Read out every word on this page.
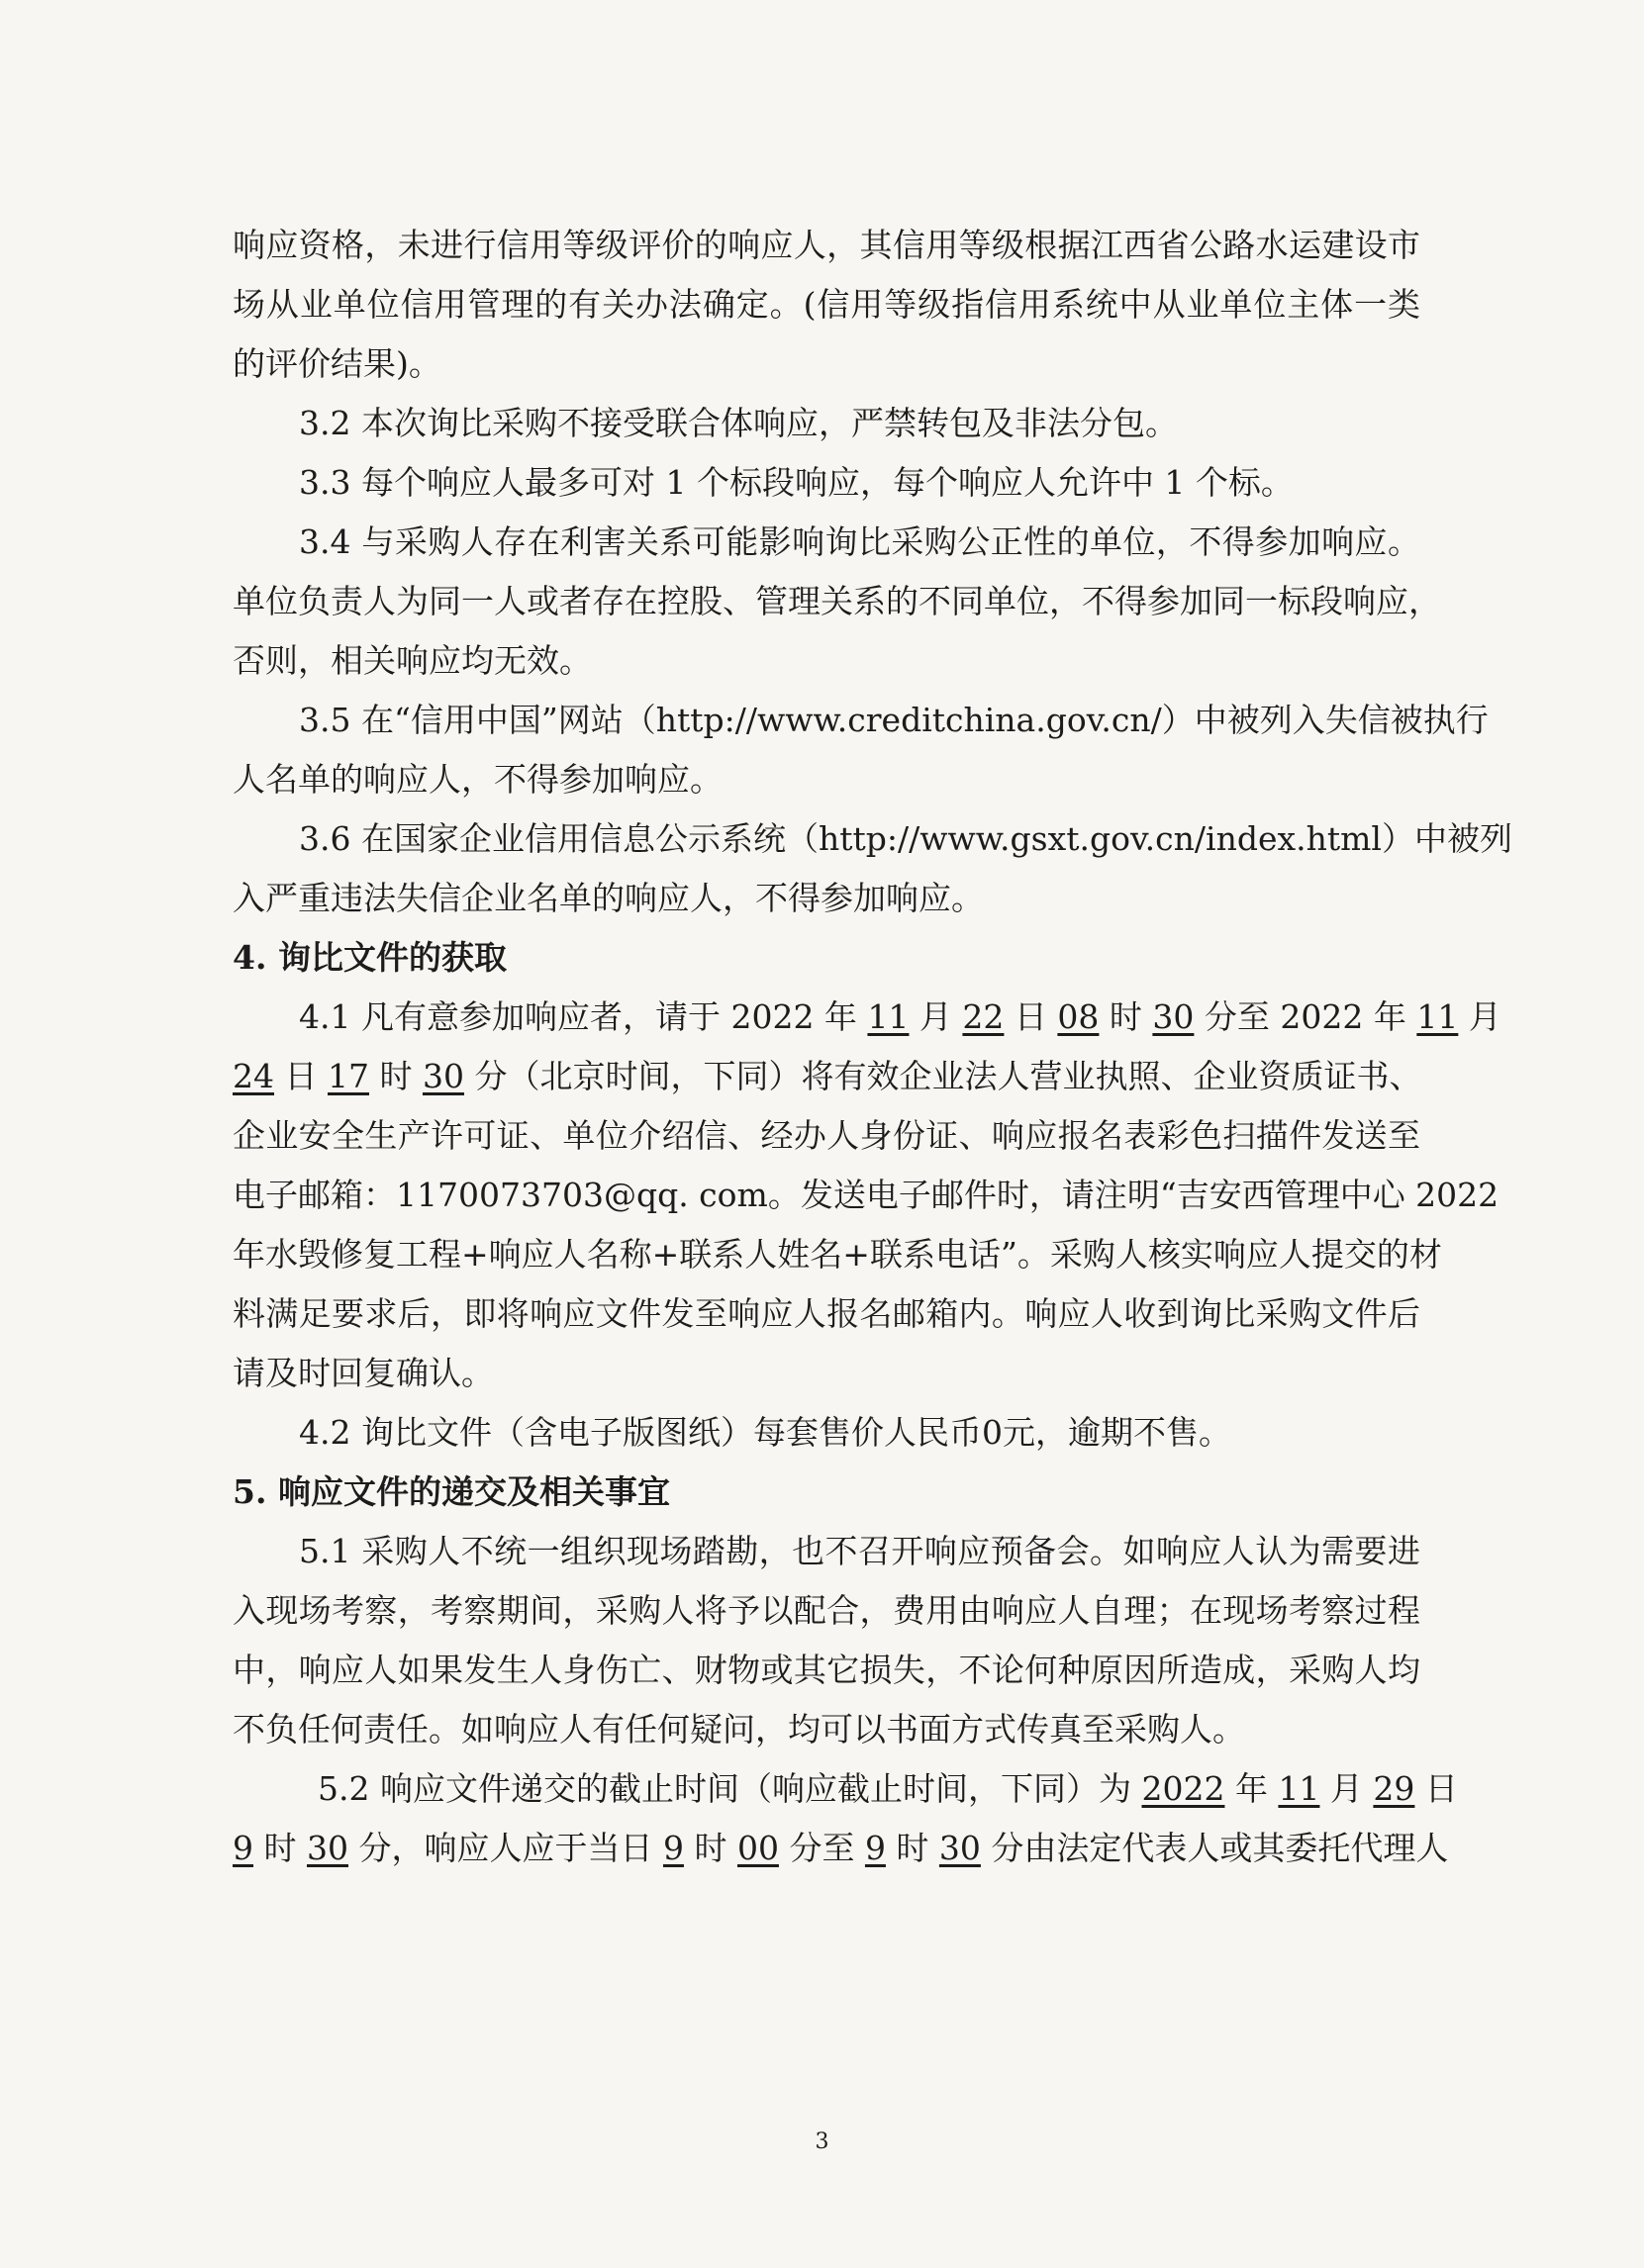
响应资格，未进行信用等级评价的响应人，其信用等级根据江西省公路水运建设市
场从业单位信用管理的有关办法确定。(信用等级指信用系统中从业单位主体一类
的评价结果)。
3.2 本次询比采购不接受联合体响应，严禁转包及非法分包。
3.3 每个响应人最多可对 1 个标段响应，每个响应人允许中 1 个标。
3.4 与采购人存在利害关系可能影响询比采购公正性的单位，不得参加响应。
单位负责人为同一人或者存在控股、管理关系的不同单位，不得参加同一标段响应，
否则，相关响应均无效。
3.5 在“信用中国”网站（http://www.creditchina.gov.cn/）中被列入失信被执行
人名单的响应人，不得参加响应。
3.6 在国家企业信用信息公示系统（http://www.gsxt.gov.cn/index.html）中被列
入严重违法失信企业名单的响应人，不得参加响应。
4. 询比文件的获取
4.1 凡有意参加响应者，请于 2022 年 11 月 22 日 08 时 30 分至 2022 年 11 月
24 日 17 时 30 分（北京时间，下同）将有效企业法人营业执照、企业资质证书、
企业安全生产许可证、单位介绍信、经办人身份证、响应报名表彩色扫描件发送至
电子邮箱：1170073703@qq. com。发送电子邮件时，请注明“吉安西管理中心 2022
年水毁修复工程+响应人名称+联系人姓名+联系电话”。采购人核实响应人提交的材
料满足要求后，即将响应文件发至响应人报名邮箱内。响应人收到询比采购文件后
请及时回复确认。
4.2 询比文件（含电子版图纸）每套售价人民币0元，逾期不售。
5. 响应文件的递交及相关事宜
5.1 采购人不统一组织现场踏勘，也不召开响应预备会。如响应人认为需要进
入现场考察，考察期间，采购人将予以配合，费用由响应人自理；在现场考察过程
中，响应人如果发生人身伤亡、财物或其它损失，不论何种原因所造成，采购人均
不负任何责任。如响应人有任何疑问，均可以书面方式传真至采购人。
5.2 响应文件递交的截止时间（响应截止时间，下同）为 2022 年 11 月 29 日
9 时 30 分，响应人应于当日 9 时 00 分至 9 时 30 分由法定代表人或其委托代理人
3
